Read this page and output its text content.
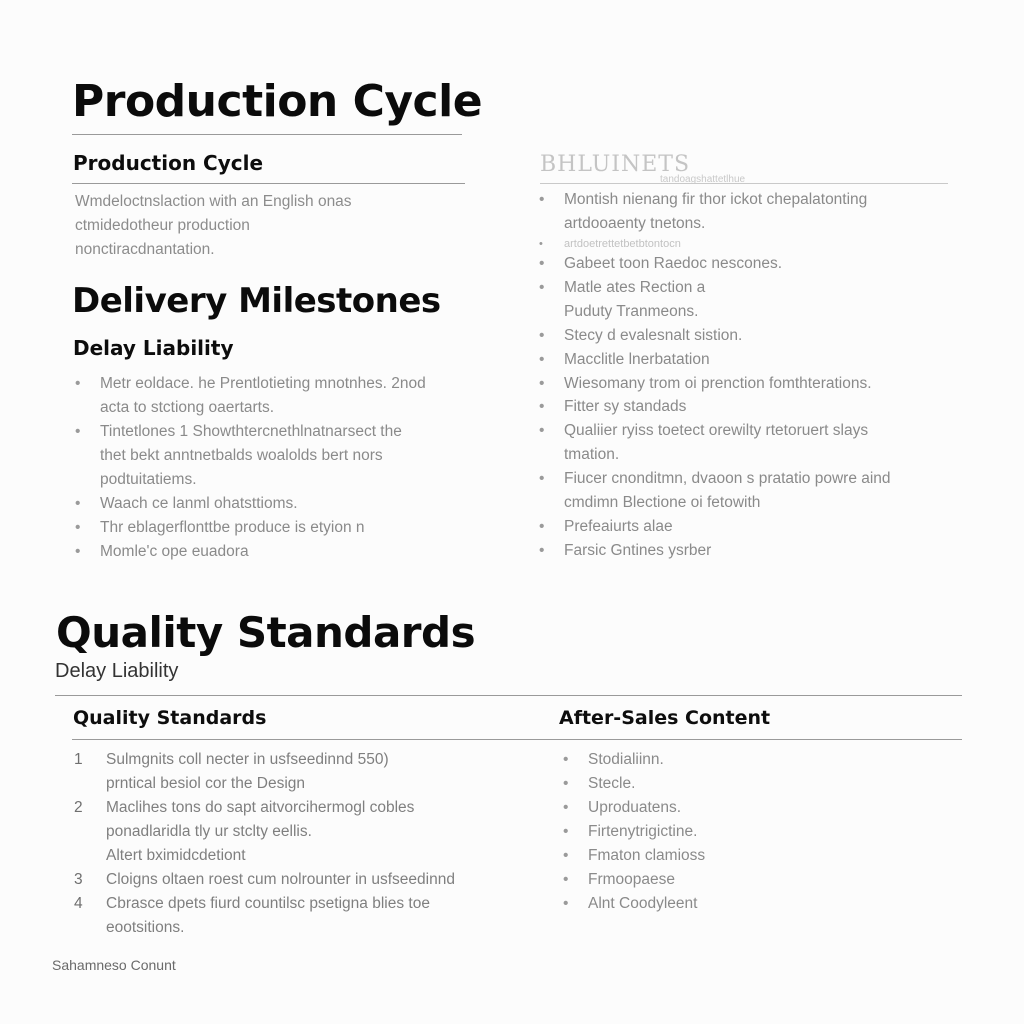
Production Cycle
Production Cycle
Wmdeloctnslaction with an English onas
ctmidedotheur production
nonctiracdnantation.
Delivery Milestones
Delay Liability
• Metr eoldace. he Prentlotieting mnotnhes. 2nod
acta to stctiong oaertarts.
• Tintetlones 1 Showthtercnethlnatnarsect the
thet bekt anntnetbalds woalolds bert nors
podtuitatiems.
• Waach ce lanml ohatsttioms.
• Thr eblagerflonttbe produce is etyion n
• Momle'c ope euadora
BHLUINETS
tandoagshattetlhue
• Montish nienang fir thor ickot chepalatonting
artdooaenty tnetons.
• artdoetrettetbetbtontocn
• Gabeet toon Raedoc nescones.
• Matle ates Rection a
Puduty Tranmeons.
• Stecy d evalesnalt sistion.
• Macclitle lnerbatation
• Wiesomany trom oi prenction fomthterations.
• Fitter sy standads
• Qualiier ryiss toetect orewilty rtetoruert slays
tmation.
• Fiucer cnonditmn, dvaoon s pratatio powre aind
cmdimn Blectione oi fetowith
• Prefeaiurts alae
• Farsic Gntines ysrber
Quality Standards
Delay Liability
Quality Standards	After-Sales Content
1 Sulmgnits coll necter in usfseedinnd 550)
prntical besiol cor the Design
2 Maclihes tons do sapt aitvorcihermogl cobles
ponadlaridla tly ur stclty eellis.
Altert bximidcdetiont
3 Cloigns oltaen roest cum nolrounter in usfseedinnd
4 Cbrasce dpets fiurd countilsc psetigna blies toe
eootsitions.
• Stodialiinn.
• Stecle.
• Uproduatens.
• Firtenytrigictine.
• Fmaton clamioss
• Frmoopaese
• Alnt Coodyleent
Sahamneso Conunt
